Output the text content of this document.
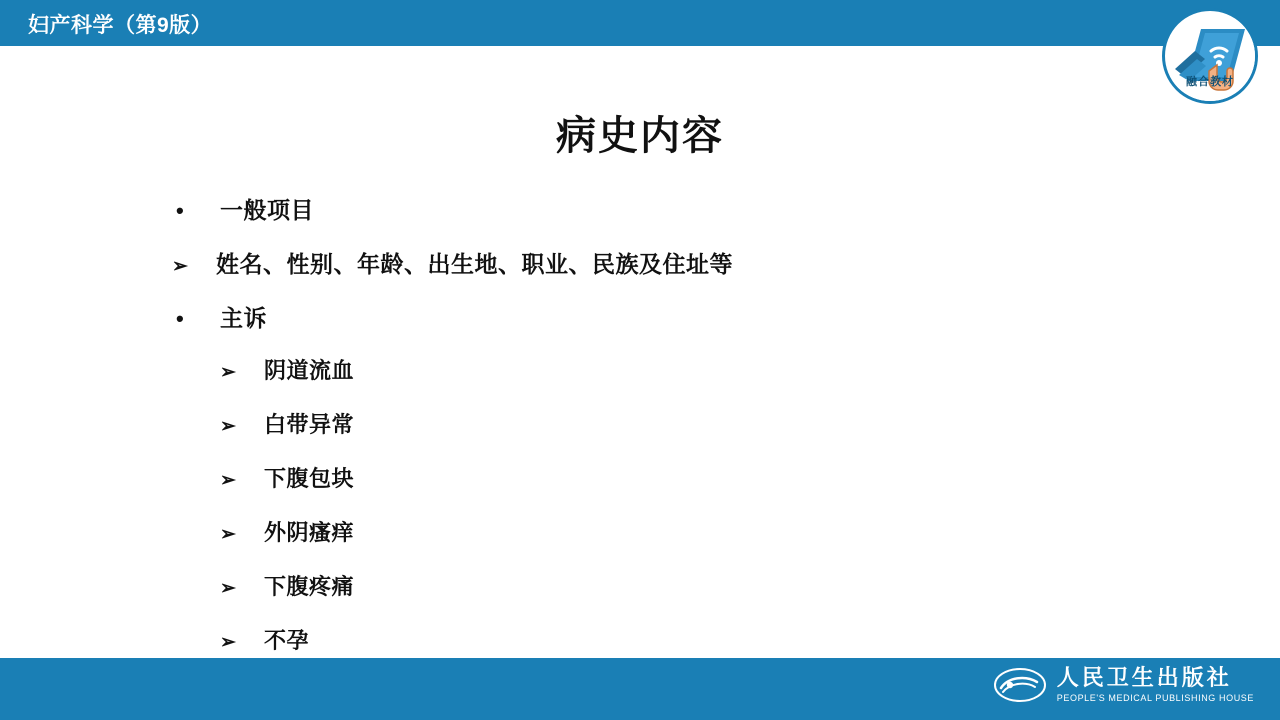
妇产科学（第9版）
融合教材
病史内容
•	一般项目
➢	姓名、性别、年龄、出生地、职业、民族及住址等
•	主诉
➢	阴道流血
➢	白带异常
➢	下腹包块
➢	外阴瘙痒
➢	下腹疼痛
➢	不孕
人民卫生出版社
PEOPLE'S MEDICAL PUBLISHING HOUSE
